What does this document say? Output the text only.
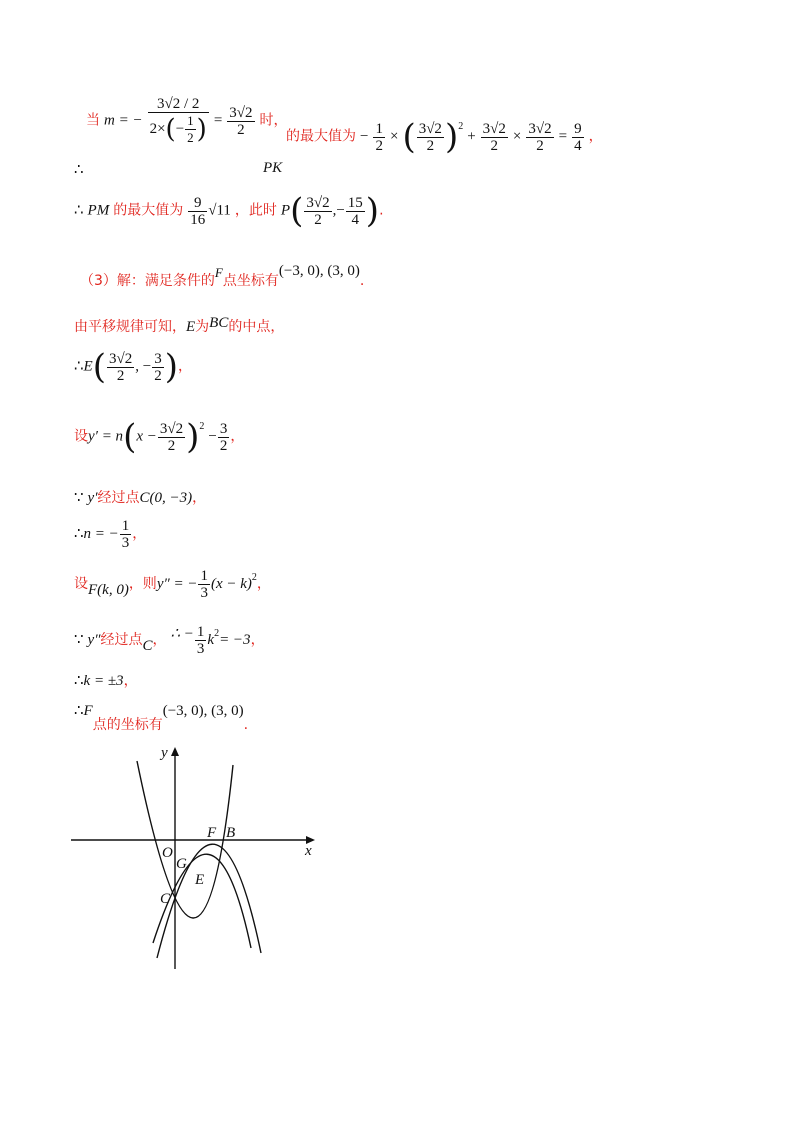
当 m = − $\frac{3√2 / 2}{2\times(- \frac{1}{2} )} = \frac{3√2}{2}$ 时，
∴	PK
的最大值为 − $\frac{1}{2}$ × ( $\frac{3√2}{2} )^2 + \frac{3√2}{2} \times \frac{3√2}{2} = \frac{9}{4}$ ，
∴ PM 的最大值为 $\frac{9}{16} √11$ ，此时 $P( \frac{3√2}{2}$ ,− $\frac{15}{4}$ ).
（3）解：满足条件的$^F$点坐标有(−3, 0), (3, 0).
由平移规律可知，E为BC的中点，
∴E( $\frac{3√2}{2}$ , − $\frac{3}{2}$ )，
设$y' = n(x - \frac{3√2}{2} )^2 - \frac{3}{2}$ ，
∵ y′经过点C(0, −3)，
∴n = − $\frac{1}{3}$ ，
设F(k, 0)，则y″ = − $\frac{1}{3} (x - k)^2$，
∵ y″经过点C， ∴ − $\frac{1}{3} k^2= -3$，
∴k = ±3，
∴F点的坐标有(−3, 0), (3, 0).
y
x
O
F B
G
E
C
